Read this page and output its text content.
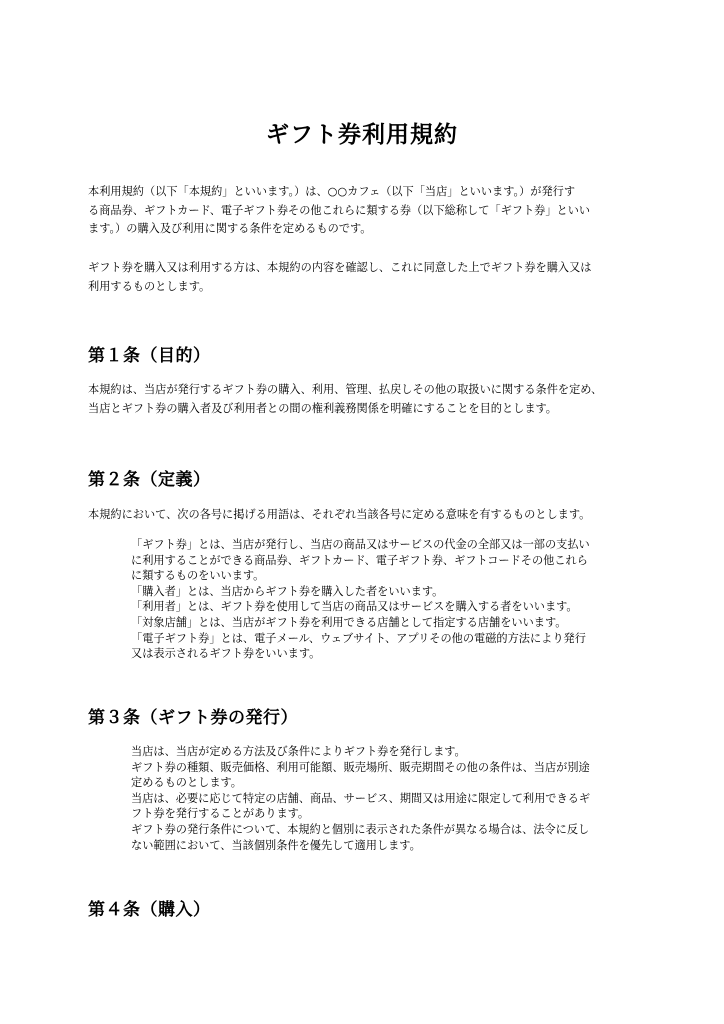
ギフト券利用規約

本利用規約（以下「本規約」といいます。）は、○○カフェ（以下「当店」といいます。）が発行す
る商品券、ギフトカード、電子ギフト券その他これらに類する券（以下総称して「ギフト券」といい
ます。）の購入及び利用に関する条件を定めるものです。

ギフト券を購入又は利用する方は、本規約の内容を確認し、これに同意した上でギフト券を購入又は
利用するものとします。

第１条（目的）

本規約は、当店が発行するギフト券の購入、利用、管理、払戻しその他の取扱いに関する条件を定め、
当店とギフト券の購入者及び利用者との間の権利義務関係を明確にすることを目的とします。

第２条（定義）

本規約において、次の各号に掲げる用語は、それぞれ当該各号に定める意味を有するものとします。

「ギフト券」とは、当店が発行し、当店の商品又はサービスの代金の全部又は一部の支払い
に利用することができる商品券、ギフトカード、電子ギフト券、ギフトコードその他これら
に類するものをいいます。
「購入者」とは、当店からギフト券を購入した者をいいます。
「利用者」とは、ギフト券を使用して当店の商品又はサービスを購入する者をいいます。
「対象店舗」とは、当店がギフト券を利用できる店舗として指定する店舗をいいます。
「電子ギフト券」とは、電子メール、ウェブサイト、アプリその他の電磁的方法により発行
又は表示されるギフト券をいいます。
第３条（ギフト券の発行）
当店は、当店が定める方法及び条件によりギフト券を発行します。
ギフト券の種類、販売価格、利用可能額、販売場所、販売期間その他の条件は、当店が別途
定めるものとします。
当店は、必要に応じて特定の店舗、商品、サービス、期間又は用途に限定して利用できるギ
フト券を発行することがあります。
ギフト券の発行条件について、本規約と個別に表示された条件が異なる場合は、法令に反し
ない範囲において、当該個別条件を優先して適用します。
第４条（購入）
